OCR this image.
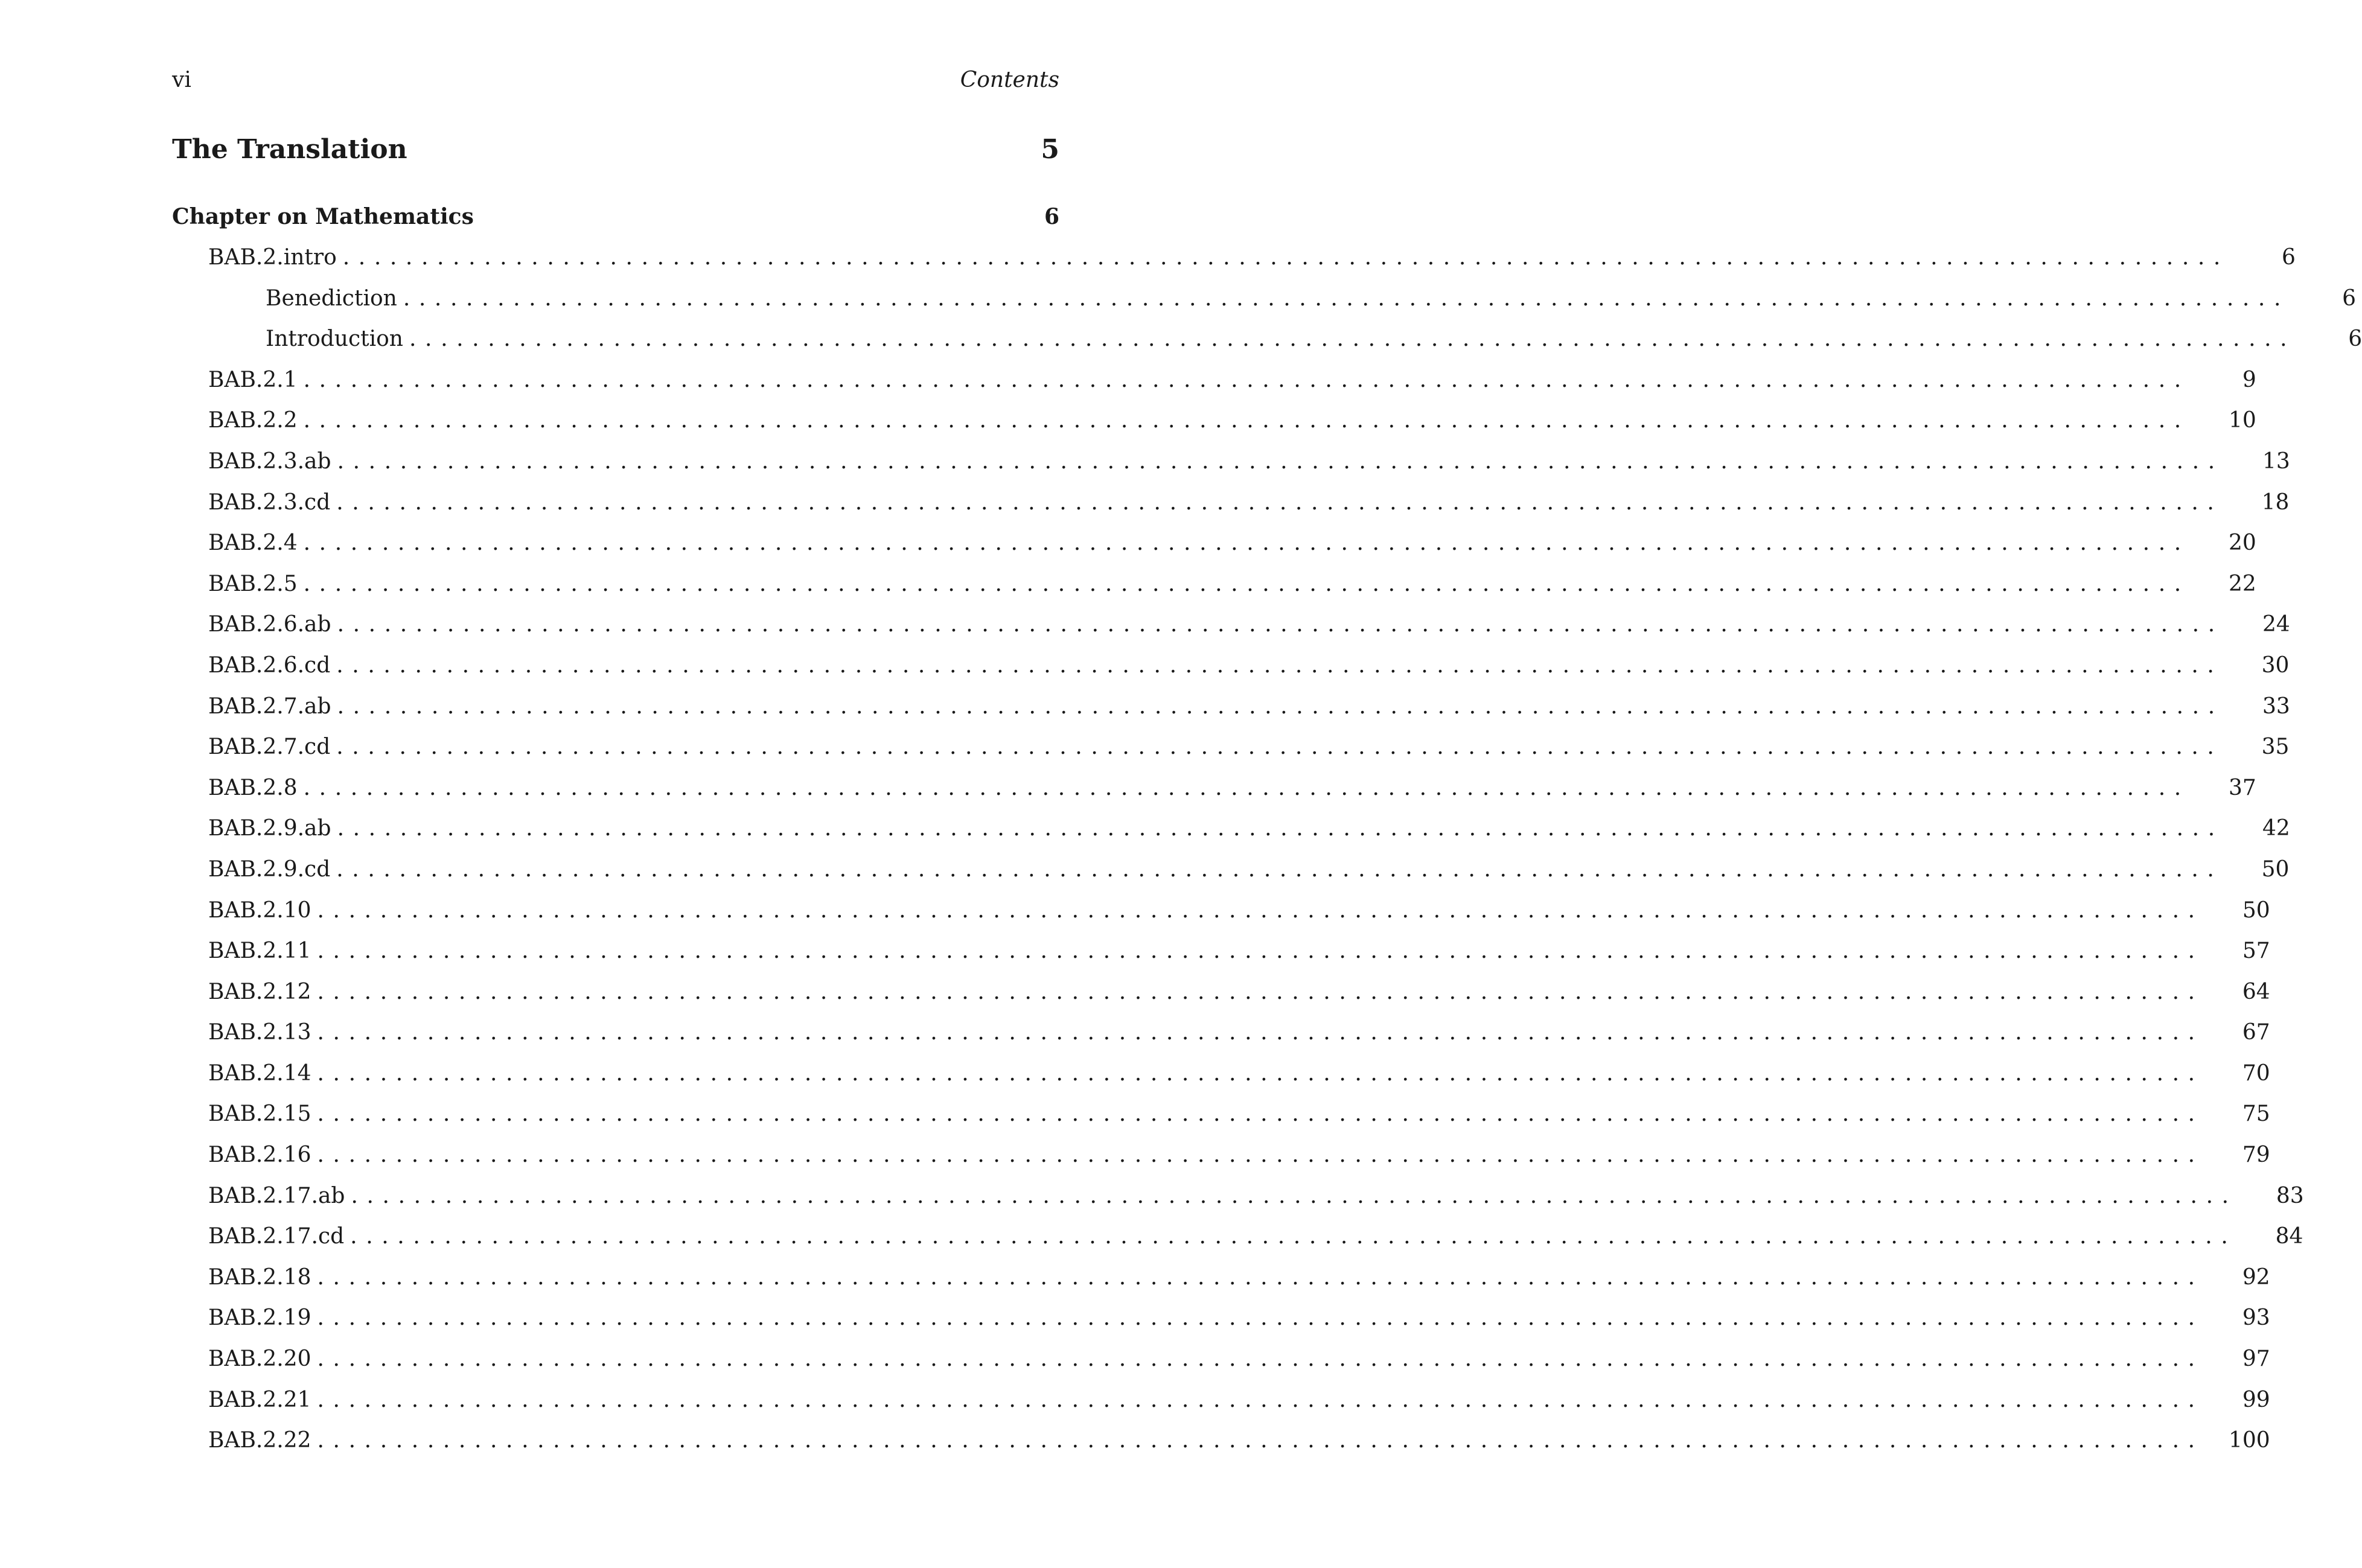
vi	Contents
The Translation	5
Chapter on Mathematics	6
BAB.2.intro ........................................................................................................................	6
Benediction ........................................................................................................................	6
Introduction ........................................................................................................................	6
BAB.2.1 ........................................................................................................................	9
BAB.2.2 ........................................................................................................................	10
BAB.2.3.ab ........................................................................................................................	13
BAB.2.3.cd ........................................................................................................................	18
BAB.2.4 ........................................................................................................................	20
BAB.2.5 ........................................................................................................................	22
BAB.2.6.ab ........................................................................................................................	24
BAB.2.6.cd ........................................................................................................................	30
BAB.2.7.ab ........................................................................................................................	33
BAB.2.7.cd ........................................................................................................................	35
BAB.2.8 ........................................................................................................................	37
BAB.2.9.ab ........................................................................................................................	42
BAB.2.9.cd ........................................................................................................................	50
BAB.2.10 ........................................................................................................................	50
BAB.2.11 ........................................................................................................................	57
BAB.2.12 ........................................................................................................................	64
BAB.2.13 ........................................................................................................................	67
BAB.2.14 ........................................................................................................................	70
BAB.2.15 ........................................................................................................................	75
BAB.2.16 ........................................................................................................................	79
BAB.2.17.ab ........................................................................................................................	83
BAB.2.17.cd ........................................................................................................................	84
BAB.2.18 ........................................................................................................................	92
BAB.2.19 ........................................................................................................................	93
BAB.2.20 ........................................................................................................................	97
BAB.2.21 ........................................................................................................................	99
BAB.2.22 ........................................................................................................................ 100
